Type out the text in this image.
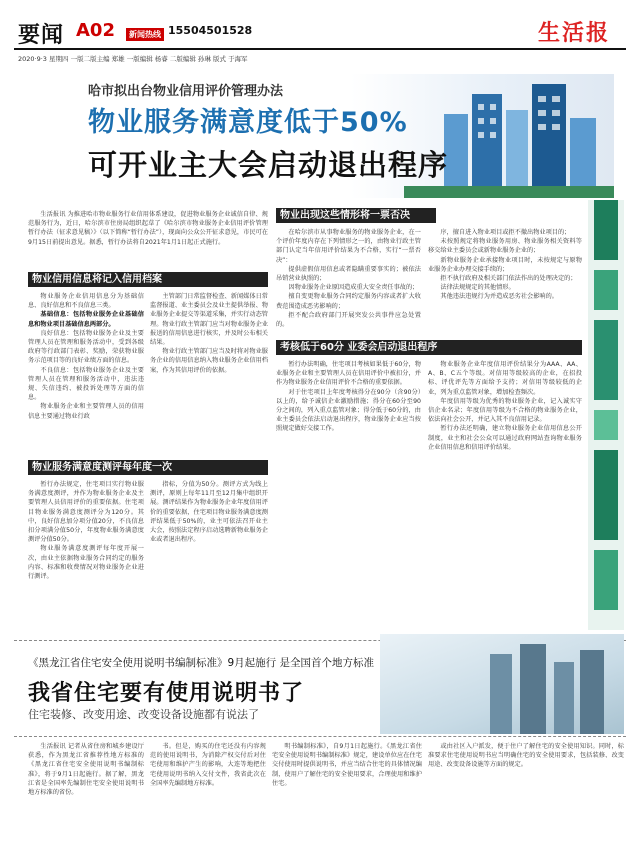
要闻 A02	新闻热线 15504501528	生活报
2020·9·3 星期四 一版二版主编 郑雄 一版编辑 杨睿 二版编辑 孙琳 版式 于海军
哈市拟出台物业信用评价管理办法
物业服务满意度低于50%
可开业主大会启动退出程序

生活报讯 为推进哈市物业服务行业信用体系建设，促进物业服务企业诚信自律、规范服务行为，近日，哈尔滨市住房局组织起草了《哈尔滨市物业服务企业信用评价管理暂行办法（征求意见稿）》（以下简称“暂行办法”），现面向公众公开征求意见，市民可在9月15日前提出意见。据悉，暂行办法将自2021年1月1日起正式施行。

物业信用信息将记入信用档案

物业服务企业信用信息分为基础信息、良好信息和不良信息三类。

基础信息：包括物业服务企业基础信息和物业项目基础信息两部分。

良好信息：包括物业服务企业及主要管理人员在管理和服务活动中，受到各级政府等行政部门表彰、奖励，荣获物业服务示范项目等的良好业绩方面的信息。

不良信息：包括物业服务企业及主要管理人员在管理和服务活动中，违法违规、失信违约、被投诉处理等方面的信息。

物业服务企业和主要管理人员的信用信息主要通过物业行政

主管部门日常监督检查、新闻媒体日常监督报道、业主委员会及业主提供举报、物业服务企业提交等渠道采集，并实行动态管理。物业行政主管部门应当对物业服务企业报送的信用信息进行核实，并及时公布相关结果。

物业行政主管部门应当及时将对物业服务企业的信用信息纳入物业服务企业信用档案，作为其信用评价的依据。

物业出现这些情形将一票否决

在哈尔滨市从事物业服务的物业服务企业，在一个评价年度内存在下列情形之一的，由物业行政主管部门认定当年信用评价结果为不合格，实行“一票否决”：

提供虚假信用信息或者隐瞒重要事实的；被依法吊销营业执照的；

因物业服务企业原因造成重大安全责任事故的；

擅自变更物业服务合同约定服务内容或者扩大收费范围造成恶劣影响的；

拒不配合政府部门开展突发公共事件应急处置的。

序，擅自进入物业项目或拒不撤出物业项目的；

未按照规定将物业服务用房、物业服务相关资料等移交给业主委员会或新物业服务企业的；

新物业服务企业承接物业项目时，未按规定与原物业服务企业办理交接手续的；

拒不执行政府及相关部门依法作出的处理决定的；

法律法规规定的其他情形。

其他违法违规行为并造成恶劣社会影响的。

物业服务满意度测评每年度一次

暂行办法规定，住宅项目实行物业服务满意度测评，并作为物业服务企业及主要管理人员信用评价的重要依据。住宅项目物业服务满意度测评分为120分。其中，良好信息加分项分值20分，不良信息扣分项满分值50分，年度物业服务满意度测评分值50分。

物业服务满意度测评每年度开展一次，由业主依据物业服务合同约定的服务内容、标准和收费情况对物业服务企业进行测评。

指标，分值为50分。测评方式为线上测评，原则上每年11月至12月集中组织开展。测评结果作为物业服务企业年度信用评价的重要依据，住宅项目物业服务满意度测评结果低于50%的，业主可依法召开业主大会，按照法定程序启动选聘新物业服务企业或者退出程序。

考核低于60分 业委会启动退出程序

暂行办法明确，住宅项目考核如果低于60分，物业服务企业和主要管理人员在信用评价中被扣分，并作为物业服务企业信用评价不合格的重要依据。

对于住宅项目上年度考核得分在90分（含90分）以上的，给予诚信企业激励措施；得分在60分至90分之间的，列入重点监管对象；得分低于60分的，由业主委员会依法启动退出程序，物业服务企业应当按照规定做好交接工作。

物业服务企业年度信用评价结果分为AAA、AA、A、B、C五个等级。对信用等级较高的企业，在招投标、评优评先等方面给予支持；对信用等级较低的企业，列为重点监管对象，增加检查频次。

年度信用等级为优秀的物业服务企业，记入诚实守信企业名录；年度信用等级为不合格的物业服务企业，依法向社会公开，并记入其不良信用记录。

暂行办法还明确，建立物业服务企业信用信息公开制度，业主和社会公众可以通过政府网站查询物业服务企业信用信息和信用评价结果。

《黑龙江省住宅安全使用说明书编制标准》9月起施行 是全国首个地方标准
我省住宅要有使用说明书了
住宅装修、改变用途、改变设备设施都有说法了

生活报讯 记者从省住房和城乡建设厅获悉，作为黑龙江省推荐性地方标准的《黑龙江省住宅安全使用说明书编制标准》，将于9月1日起施行。据了解，黑龙江省是全国率先编制住宅安全使用说明书地方标准的省份。

书。但是，购买的住宅还没有内容规范的使用说明书，为消除产权交付后对住宅使用和维护产生的影响，大连等地把住宅使用说明书纳入交付文件，我省此次在全国率先编制地方标准。

明书编制标准》，自9月1日起施行。《黑龙江省住宅安全使用说明书编制标准》规定，建设单位应在住宅交付使用时提供说明书，并应当结合住宅的具体情况编制，使用户了解住宅的安全使用要求，合理使用和维护住宅。

或由社区入户派发，便于住户了解住宅的安全使用知识。同时，标准要求住宅使用说明书应当明确住宅的安全使用要求，包括装修、改变用途、改变设备设施等方面的规定。
